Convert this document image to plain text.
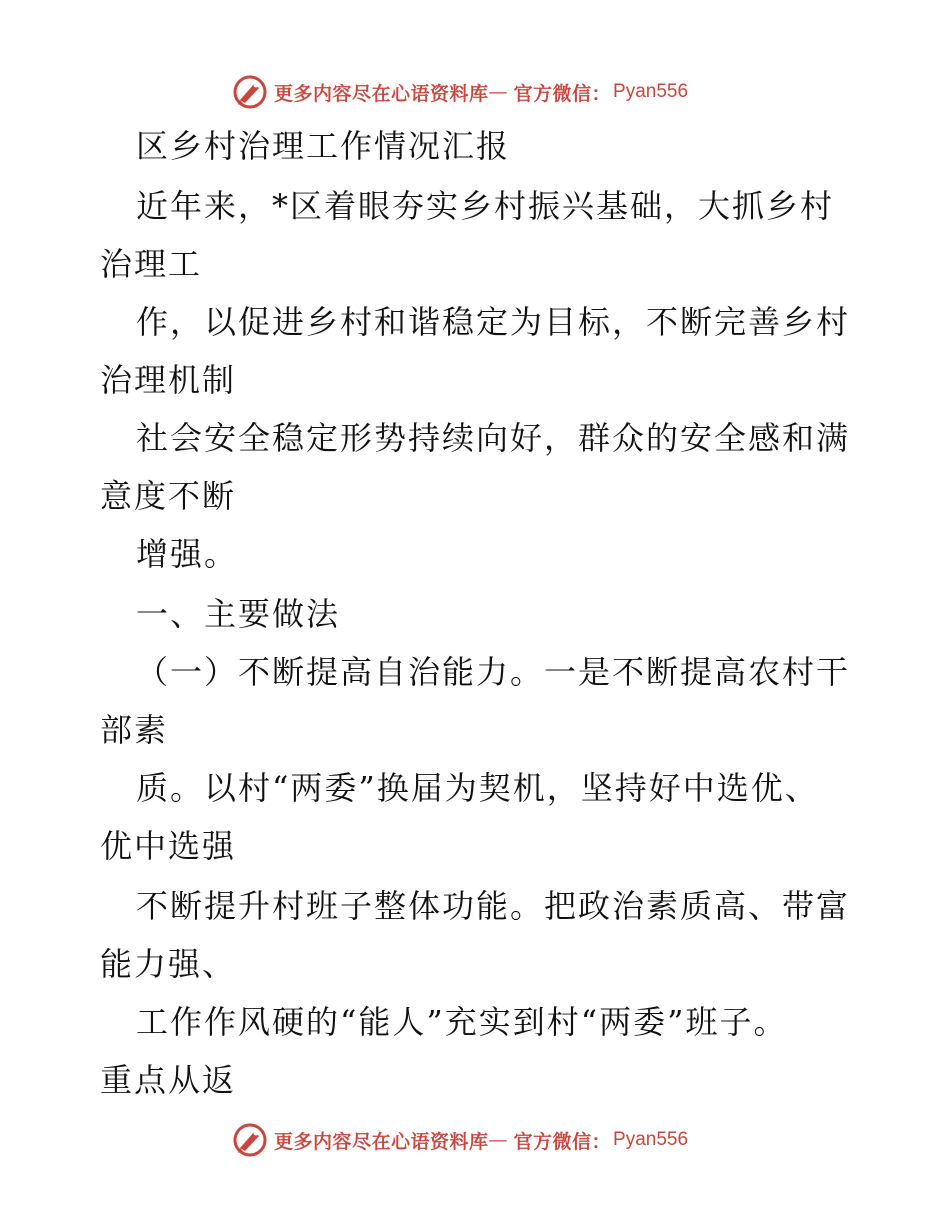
更多内容尽在心语资料库 — 官方微信： Pyan556
区乡村治理工作情况汇报
近年来，*区着眼夯实乡村振兴基础，大抓乡村
治理工
作，以促进乡村和谐稳定为目标，不断完善乡村
治理机制
社会安全稳定形势持续向好，群众的安全感和满
意度不断
增强。
一、主要做法
（一）不断提高自治能力。一是不断提高农村干
部素
质。以村“两委”换届为契机，坚持好中选优、
优中选强
不断提升村班子整体功能。把政治素质高、带富
能力强、
工作作风硬的“能人”充实到村“两委”班子。
重点从返
更多内容尽在心语资料库 — 官方微信： Pyan556
